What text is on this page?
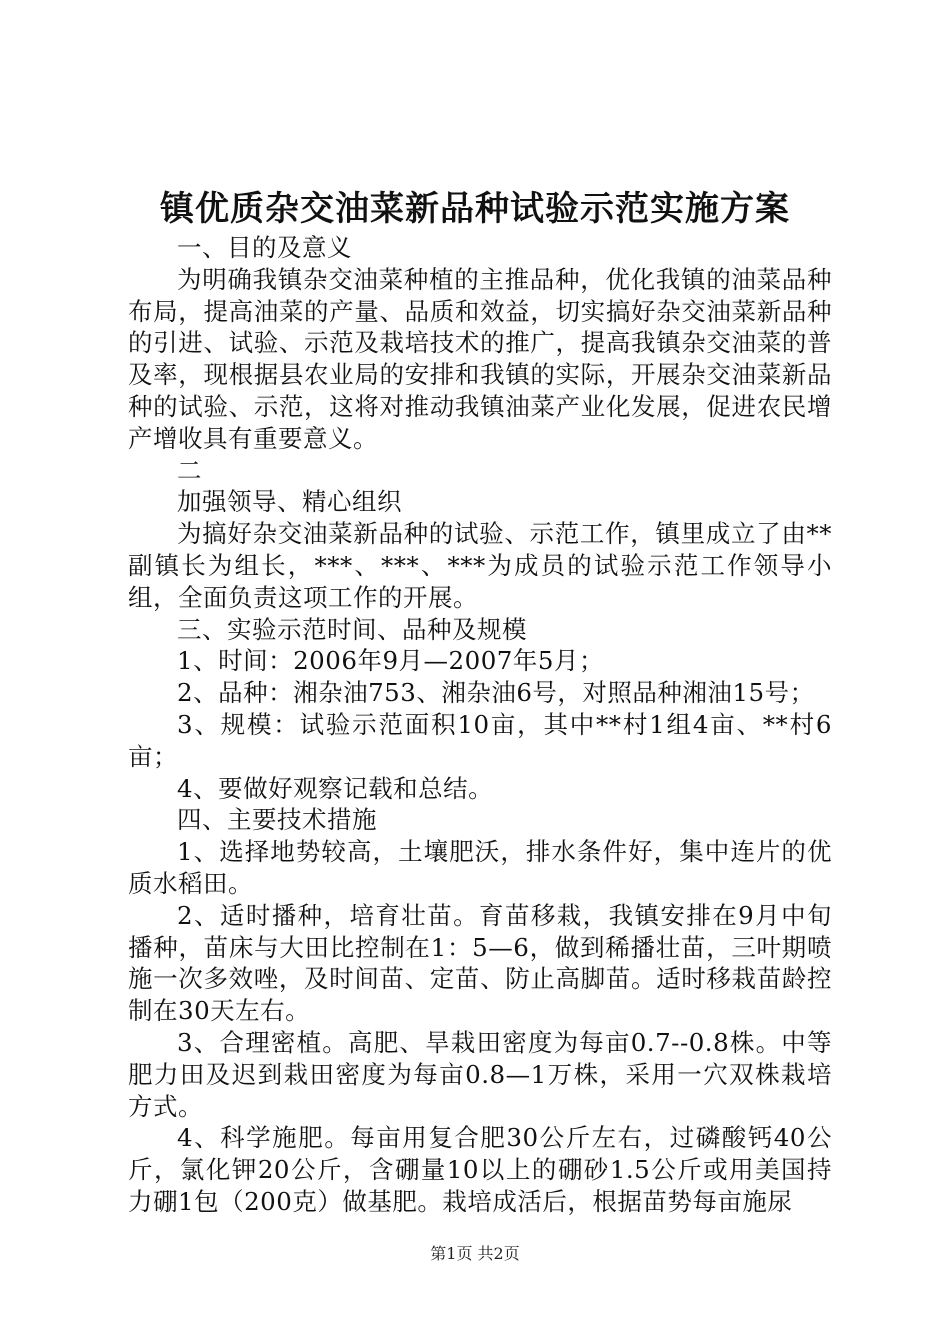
镇优质杂交油菜新品种试验示范实施方案

一、目的及意义

为明确我镇杂交油菜种植的主推品种，优化我镇的油菜品种布局，提高油菜的产量、品质和效益，切实搞好杂交油菜新品种的引进、试验、示范及栽培技术的推广，提高我镇杂交油菜的普及率，现根据县农业局的安排和我镇的实际，开展杂交油菜新品种的试验、示范，这将对推动我镇油菜产业化发展，促进农民增产增收具有重要意义。

二

加强领导、精心组织

为搞好杂交油菜新品种的试验、示范工作，镇里成立了由**副镇长为组长，***、***、***为成员的试验示范工作领导小组，全面负责这项工作的开展。

三、实验示范时间、品种及规模

1、时间：2006年9月—2007年5月；

2、品种：湘杂油753、湘杂油6号，对照品种湘油15号；

3、规模：试验示范面积10亩，其中**村1组4亩、**村6亩；

4、要做好观察记载和总结。

四、主要技术措施

1、选择地势较高，土壤肥沃，排水条件好，集中连片的优质水稻田。

2、适时播种，培育壮苗。育苗移栽，我镇安排在9月中旬播种，苗床与大田比控制在1：5—6，做到稀播壮苗，三叶期喷施一次多效唑，及时间苗、定苗、防止高脚苗。适时移栽苗龄控制在30天左右。

3、合理密植。高肥、旱栽田密度为每亩0.7--0.8株。中等肥力田及迟到栽田密度为每亩0.8—1万株，采用一穴双株栽培方式。

4、科学施肥。每亩用复合肥30公斤左右，过磷酸钙40公斤，氯化钾20公斤，含硼量10以上的硼砂1.5公斤或用美国持力硼1包（200克）做基肥。栽培成活后，根据苗势每亩施尿

第1页 共2页
